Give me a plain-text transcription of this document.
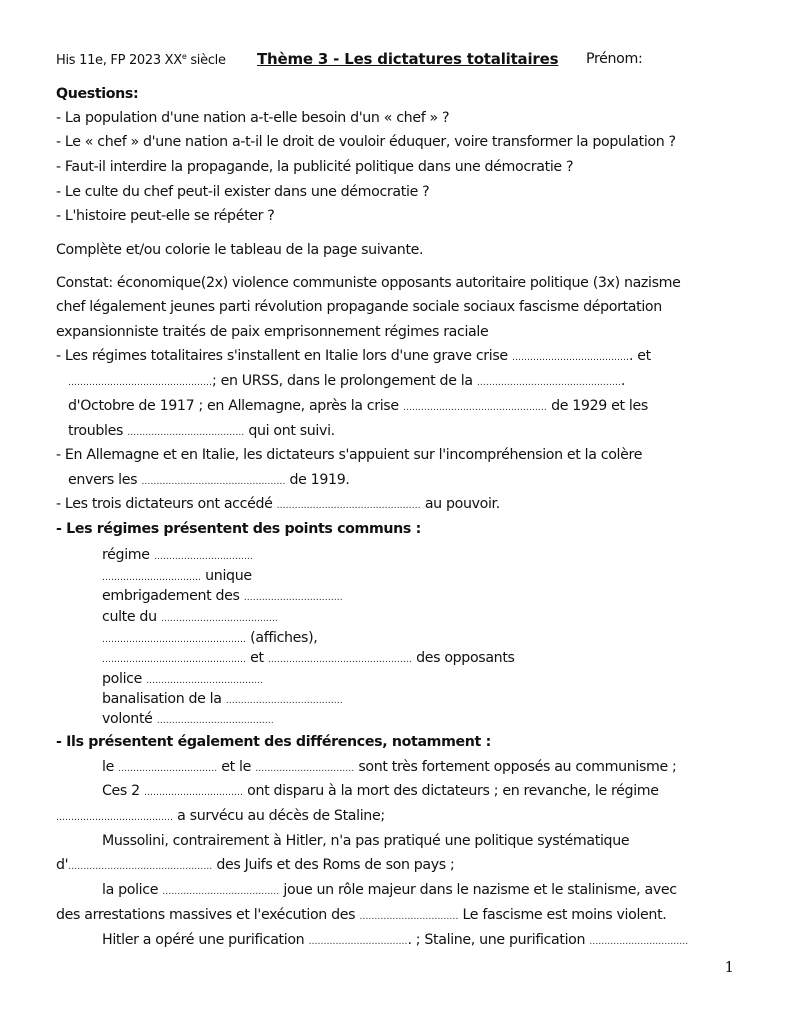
His 11e, FP 2023 XXe siècle Thème 3 - Les dictatures totalitaires Prénom:
Questions:
- La population d'une nation a-t-elle besoin d'un « chef » ?
- Le « chef » d'une nation a-t-il le droit de vouloir éduquer, voire transformer la population ?
- Faut-il interdire la propagande, la publicité politique dans une démocratie ?
- Le culte du chef peut-il exister dans une démocratie ?
- L'histoire peut-elle se répéter ?
Complète et/ou colorie le tableau de la page suivante.
Constat: économique(2x) violence communiste opposants autoritaire politique (3x) nazisme
chef légalement jeunes parti révolution propagande sociale sociaux fascisme déportation
expansionniste traités de paix emprisonnement régimes raciale
- Les régimes totalitaires s'installent en Italie lors d'une grave crise …………………………………. et
…………………………………………; en URSS, dans le prolongement de la ………………………………………….
d'Octobre de 1917 ; en Allemagne, après la crise ………………………………………… de 1929 et les
troubles ………………………………… qui ont suivi.
- En Allemagne et en Italie, les dictateurs s'appuient sur l'incompréhension et la colère
envers les ………………………………………… de 1919.
- Les trois dictateurs ont accédé ………………………………………… au pouvoir.
- Les régimes présentent des points communs :
régime ……………………………
…………………………… unique
embrigadement des ……………………………
culte du …………………………………
………………………………………… (affiches),
………………………………………… et ………………………………………… des opposants
police …………………………………
banalisation de la …………………………………
volonté …………………………………
- Ils présentent également des différences, notamment :
le …………………………… et le …………………………… sont très fortement opposés au communisme ;
Ces 2 …………………………… ont disparu à la mort des dictateurs ; en revanche, le régime
………………………………… a survécu au décès de Staline;
Mussolini, contrairement à Hitler, n'a pas pratiqué une politique systématique
d'………………………………………… des Juifs et des Roms de son pays ;
la police ………………………………… joue un rôle majeur dans le nazisme et le stalinisme, avec
des arrestations massives et l'exécution des …………………………… Le fascisme est moins violent.
Hitler a opéré une purification ……………………………. ; Staline, une purification ……………………………
1
